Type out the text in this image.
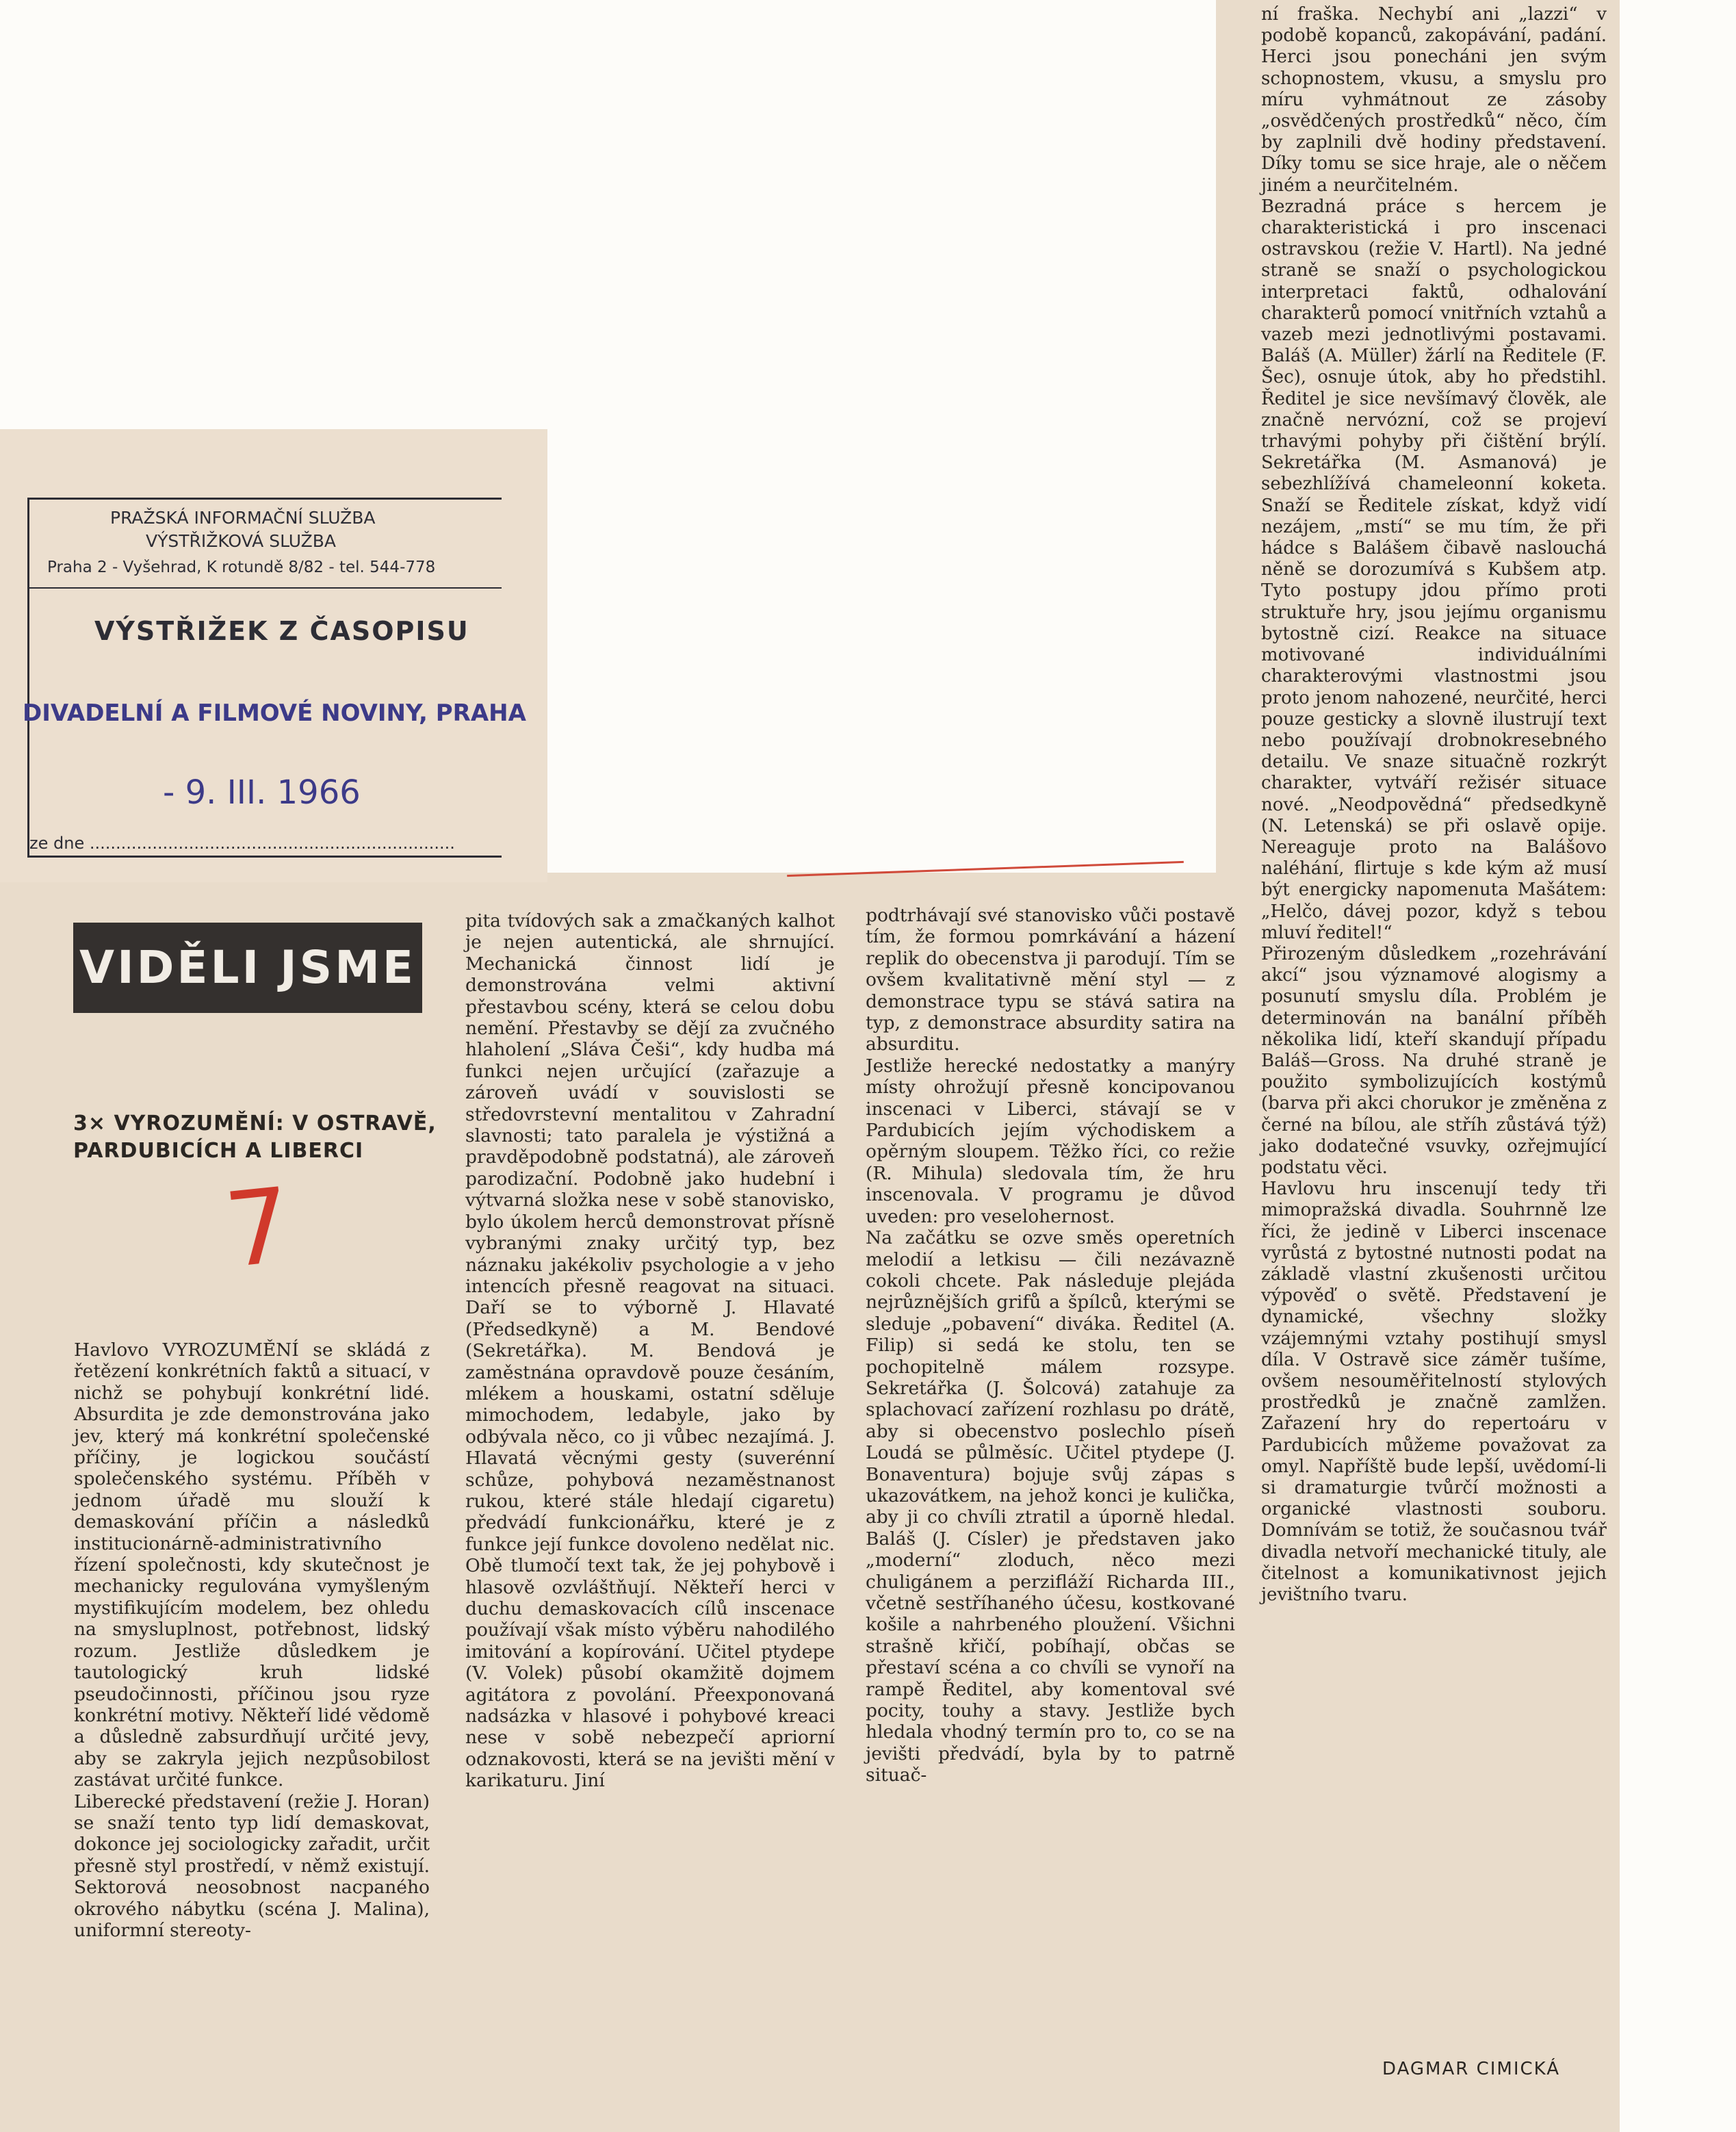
PRAŽSKÁ INFORMAČNÍ SLUŽBA
VÝSTŘIŽKOVÁ SLUŽBA
Praha 2 - Vyšehrad, K rotundě 8/82 - tel. 544-778
VÝSTŘIŽEK Z ČASOPISU
DIVADELNÍ A FILMOVÉ NOVINY, PRAHA
- 9. III. 1966
ze dne ......................................................................
VIDĚLI JSME
3× VYROZUMĚNÍ: V OSTRAVĚ,
PARDUBICÍCH A LIBERCI
7

Havlovo VYROZUMĚNÍ se skládá z řetězení konkrétních faktů a situací, v nichž se pohybují konkrétní lidé. Absurdita je zde demonstrována jako jev, který má konkrétní společenské příčiny, je logickou součástí společenského systému. Příběh v jednom úřadě mu slouží k demaskování příčin a následků institucionárně-administrativního řízení společnosti, kdy skutečnost je mechanicky regulována vymyšleným mystifikujícím modelem, bez ohledu na smysluplnost, potřebnost, lidský rozum. Jestliže důsledkem je tautologický kruh lidské pseudočinnosti, příčinou jsou ryze konkrétní motivy. Někteří lidé vědomě a důsledně zabsurdňují určité jevy, aby se zakryla jejich nezpůsobilost zastávat určité funkce.

Liberecké představení (režie J. Horan) se snaží tento typ lidí demaskovat, dokonce jej sociologicky zařadit, určit přesně styl prostředí, v němž existují. Sektorová neosobnost nacpaného okrového nábytku (scéna J. Malina), uniformní stereoty-

pita tvídových sak a zmačkaných kalhot je nejen autentická, ale shrnující. Mechanická činnost lidí je demonstrována velmi aktivní přestavbou scény, která se celou dobu nemění. Přestavby se dějí za zvučného hlaholení „Sláva Češi“, kdy hudba má funkci nejen určující (zařazuje a zároveň uvádí v souvislosti se středovrstevní mentalitou v Zahradní slavnosti; tato paralela je výstižná a pravděpodobně podstatná), ale zároveň parodizační. Podobně jako hudební i výtvarná složka nese v sobě stanovisko, bylo úkolem herců demonstrovat přísně vybranými znaky určitý typ, bez náznaku jakékoliv psychologie a v jeho intencích přesně reagovat na situaci. Daří se to výborně J. Hlavaté (Předsedkyně) a M. Bendové (Sekretářka). M. Bendová je zaměstnána opravdově pouze česáním, mlékem a houskami, ostatní sděluje mimochodem, ledabyle, jako by odbývala něco, co ji vůbec nezajímá. J. Hlavatá věcnými gesty (suverénní schůze, pohybová nezaměstnanost rukou, které stále hledají cigaretu) předvádí funkcionářku, které je z funkce její funkce dovoleno nedělat nic. Obě tlumočí text tak, že jej pohybově i hlasově ozvláštňují. Někteří herci v duchu demaskovacích cílů inscenace používají však místo výběru nahodilého imitování a kopírování. Učitel ptydepe (V. Volek) působí okamžitě dojmem agitátora z povolání. Přeexponovaná nadsázka v hlasové i pohybové kreaci nese v sobě nebezpečí apriorní odznakovosti, která se na jevišti mění v karikaturu. Jiní

podtrhávají své stanovisko vůči postavě tím, že formou pomrkávání a házení replik do obecenstva ji parodují. Tím se ovšem kvalitativně mění styl — z demonstrace typu se stává satira na typ, z demonstrace absurdity satira na absurditu.

Jestliže herecké nedostatky a manýry místy ohrožují přesně koncipovanou inscenaci v Liberci, stávají se v Pardubicích jejím východiskem a opěrným sloupem. Těžko říci, co režie (R. Mihula) sledovala tím, že hru inscenovala. V programu je důvod uveden: pro veselohernost.

Na začátku se ozve směs operetních melodií a letkisu — čili nezávazně cokoli chcete. Pak následuje plejáda nejrůznějších grifů a špílců, kterými se sleduje „pobavení“ diváka. Ředitel (A. Filip) si sedá ke stolu, ten se pochopitelně málem rozsype. Sekretářka (J. Šolcová) zatahuje za splachovací zařízení rozhlasu po drátě, aby si obecenstvo poslechlo píseň Loudá se půlměsíc. Učitel ptydepe (J. Bonaventura) bojuje svůj zápas s ukazovátkem, na jehož konci je kulička, aby ji co chvíli ztratil a úporně hledal. Baláš (J. Císler) je představen jako „moderní“ zloduch, něco mezi chuligánem a perzifláží Richarda III., včetně sestříhaného účesu, kostkované košile a nahrbeného ploužení. Všichni strašně křičí, pobíhají, občas se přestaví scéna a co chvíli se vynoří na rampě Ředitel, aby komentoval své pocity, touhy a stavy. Jestliže bych hledala vhodný termín pro to, co se na jevišti předvádí, byla by to patrně situač-

ní fraška. Nechybí ani „lazzi“ v podobě kopanců, zakopávání, padání. Herci jsou ponecháni jen svým schopnostem, vkusu, a smyslu pro míru vyhmátnout ze zásoby „osvědčených prostředků“ něco, čím by zaplnili dvě hodiny představení. Díky tomu se sice hraje, ale o něčem jiném a neurčitelném.

Bezradná práce s hercem je charakteristická i pro inscenaci ostravskou (režie V. Hartl). Na jedné straně se snaží o psychologickou interpretaci faktů, odhalování charakterů pomocí vnitřních vztahů a vazeb mezi jednotlivými postavami. Baláš (A. Müller) žárlí na Ředitele (F. Šec), osnuje útok, aby ho předstihl. Ředitel je sice nevšímavý člověk, ale značně nervózní, což se projeví trhavými pohyby při čištění brýlí. Sekretářka (M. Asmanová) je sebezhlížívá chameleonní koketa. Snaží se Ředitele získat, když vidí nezájem, „mstí“ se mu tím, že při hádce s Balášem čibavě naslouchá něně se dorozumívá s Kubšem atp. Tyto postupy jdou přímo proti struktuře hry, jsou jejímu organismu bytostně cizí. Reakce na situace motivované individuálními charakterovými vlastnostmi jsou proto jenom nahozené, neurčité, herci pouze gesticky a slovně ilustrují text nebo používají drobnokresebného detailu. Ve snaze situačně rozkrýt charakter, vytváří režisér situace nové. „Neodpovědná“ předsedkyně (N. Letenská) se při oslavě opije. Nereaguje proto na Balášovo naléhání, flirtuje s kde kým až musí být energicky napomenuta Mašátem: „Helčo, dávej pozor, když s tebou mluví ředitel!“

Přirozeným důsledkem „rozehrávání akcí“ jsou významové alogismy a posunutí smyslu díla. Problém je determinován na banální příběh několika lidí, kteří skandují případu Baláš—Gross. Na druhé straně je použito symbolizujících kostýmů (barva při akci chorukor je změněna z černé na bílou, ale stříh zůstává týž) jako dodatečné vsuvky, ozřejmující podstatu věci.

Havlovu hru inscenují tedy tři mimopražská divadla. Souhrnně lze říci, že jedině v Liberci inscenace vyrůstá z bytostné nutnosti podat na základě vlastní zkušenosti určitou výpověď o světě. Představení je dynamické, všechny složky vzájemnými vztahy postihují smysl díla. V Ostravě sice záměr tušíme, ovšem nesouměřitelností stylových prostředků je značně zamlžen. Zařazení hry do repertoáru v Pardubicích můžeme považovat za omyl. Napříště bude lepší, uvědomí-li si dramaturgie tvůrčí možnosti a organické vlastnosti souboru. Domnívám se totiž, že současnou tvář divadla netvoří mechanické tituly, ale čitelnost a komunikativnost jejich jevištního tvaru.

DAGMAR CIMICKÁ
